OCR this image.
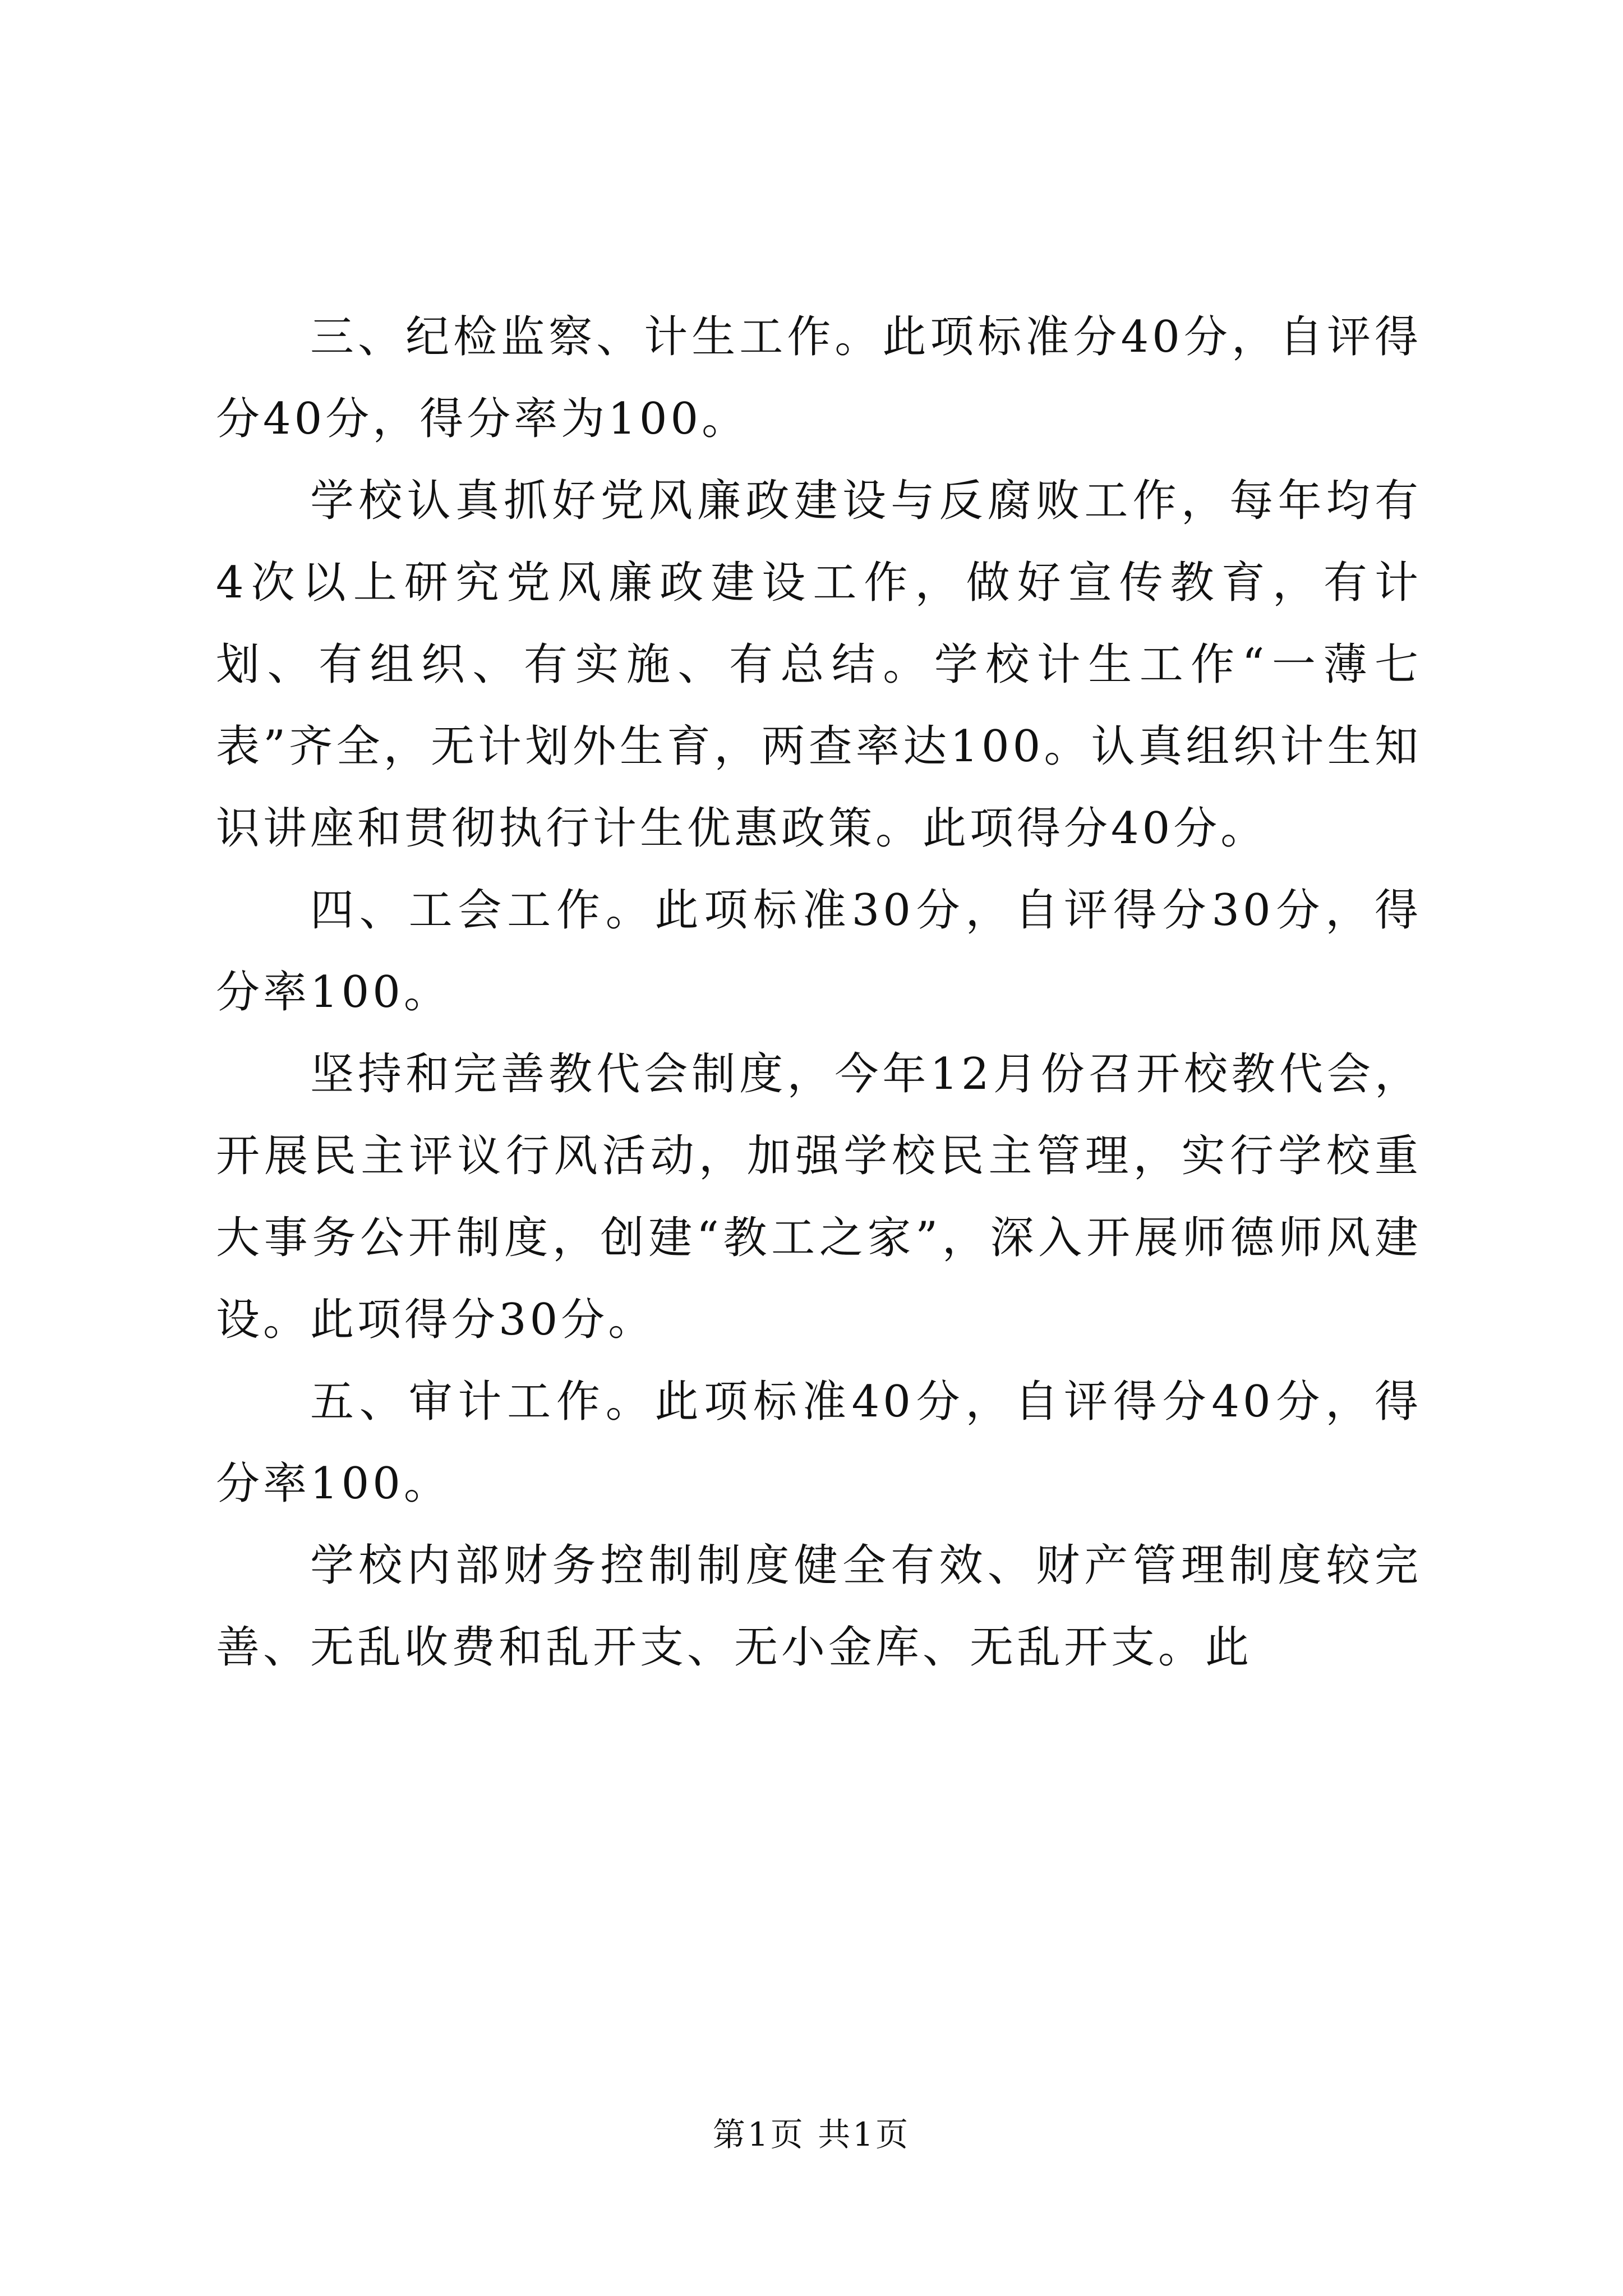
三、纪检监察、计生工作。此项标准分40分，自评得分40分，得分率为100。

学校认真抓好党风廉政建设与反腐败工作，每年均有4次以上研究党风廉政建设工作，做好宣传教育，有计划、有组织、有实施、有总结。学校计生工作“一薄七表”齐全，无计划外生育，两查率达100。认真组织计生知识讲座和贯彻执行计生优惠政策。此项得分40分。

四、工会工作。此项标准30分，自评得分30分，得分率100。

坚持和完善教代会制度，今年12月份召开校教代会，开展民主评议行风活动，加强学校民主管理，实行学校重大事务公开制度，创建“教工之家”，深入开展师德师风建设。此项得分30分。

五、审计工作。此项标准40分，自评得分40分，得分率100。

学校内部财务控制制度健全有效、财产管理制度较完善、无乱收费和乱开支、无小金库、无乱开支。此

第1页 共1页
